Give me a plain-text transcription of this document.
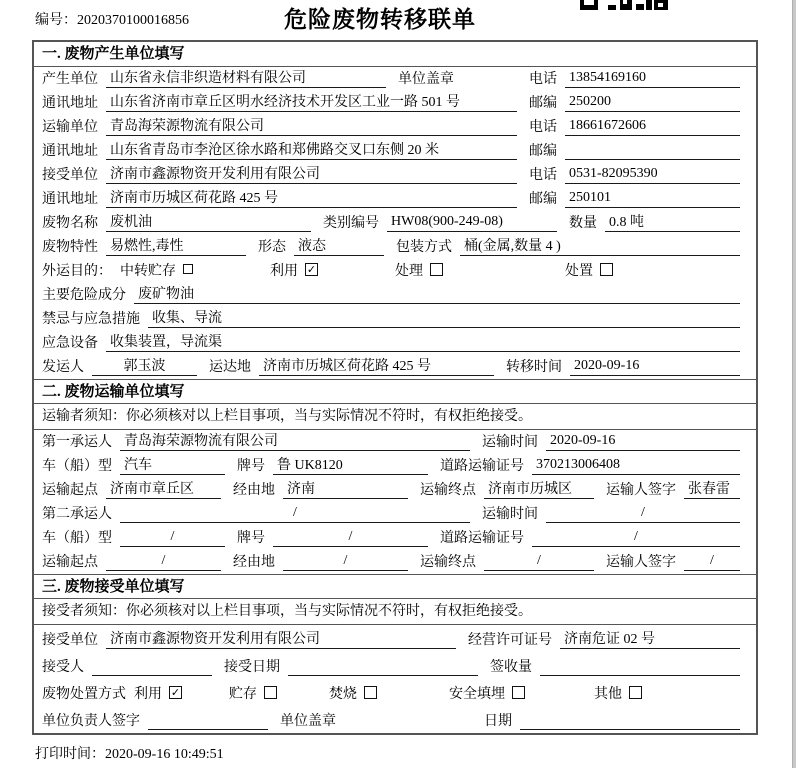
编号：2020370100016856	危险废物转移联单
一. 废物产生单位填写
产生单位 山东省永信非织造材料有限公司	单位盖章	电话 13854169160
通讯地址 山东省济南市章丘区明水经济技术开发区工业一路 501 号	邮编 250200
运输单位 青岛海荣源物流有限公司	电话 18661672606
通讯地址 山东省青岛市李沧区徐水路和郑佛路交叉口东侧 20 米	邮编
接受单位 济南市鑫源物资开发利用有限公司	电话 0531-82095390
通讯地址 济南市历城区荷花路 425 号	邮编 250101
废物名称 废机油	类别编号 HW08(900-249-08)	数量 0.8 吨
废物特性 易燃性,毒性	形态 液态	包装方式 桶(金属,数量 4 )
外运目的： 中转贮存	利用 ✓	处理	处置
主要危险成分 废矿物油
禁忌与应急措施 收集、导流
应急设备 收集装置，导流渠
发运人	郭玉波	运达地 济南市历城区荷花路 425 号	转移时间 2020-09-16
二. 废物运输单位填写
运输者须知：你必须核对以上栏目事项，当与实际情况不符时，有权拒绝接受。
第一承运人 青岛海荣源物流有限公司	运输时间 2020-09-16
车（船）型 汽车	牌号 鲁 UK8120	道路运输证号 370213006408
运输起点 济南市章丘区	经由地 济南	运输终点 济南市历城区	运输人签字 张春雷
第二承运人	/	运输时间	/
车（船）型	/	牌号	/	道路运输证号	/
运输起点	/	经由地	/	运输终点	/	运输人签字	/
三. 废物接受单位填写
接受者须知：你必须核对以上栏目事项，当与实际情况不符时，有权拒绝接受。
接受单位 济南市鑫源物资开发利用有限公司	经营许可证号 济南危证 02 号
接受人	接受日期	签收量
废物处置方式 利用 ✓	贮存	焚烧	安全填埋	其他
单位负责人签字	单位盖章	日期
打印时间：2020-09-16 10:49:51
